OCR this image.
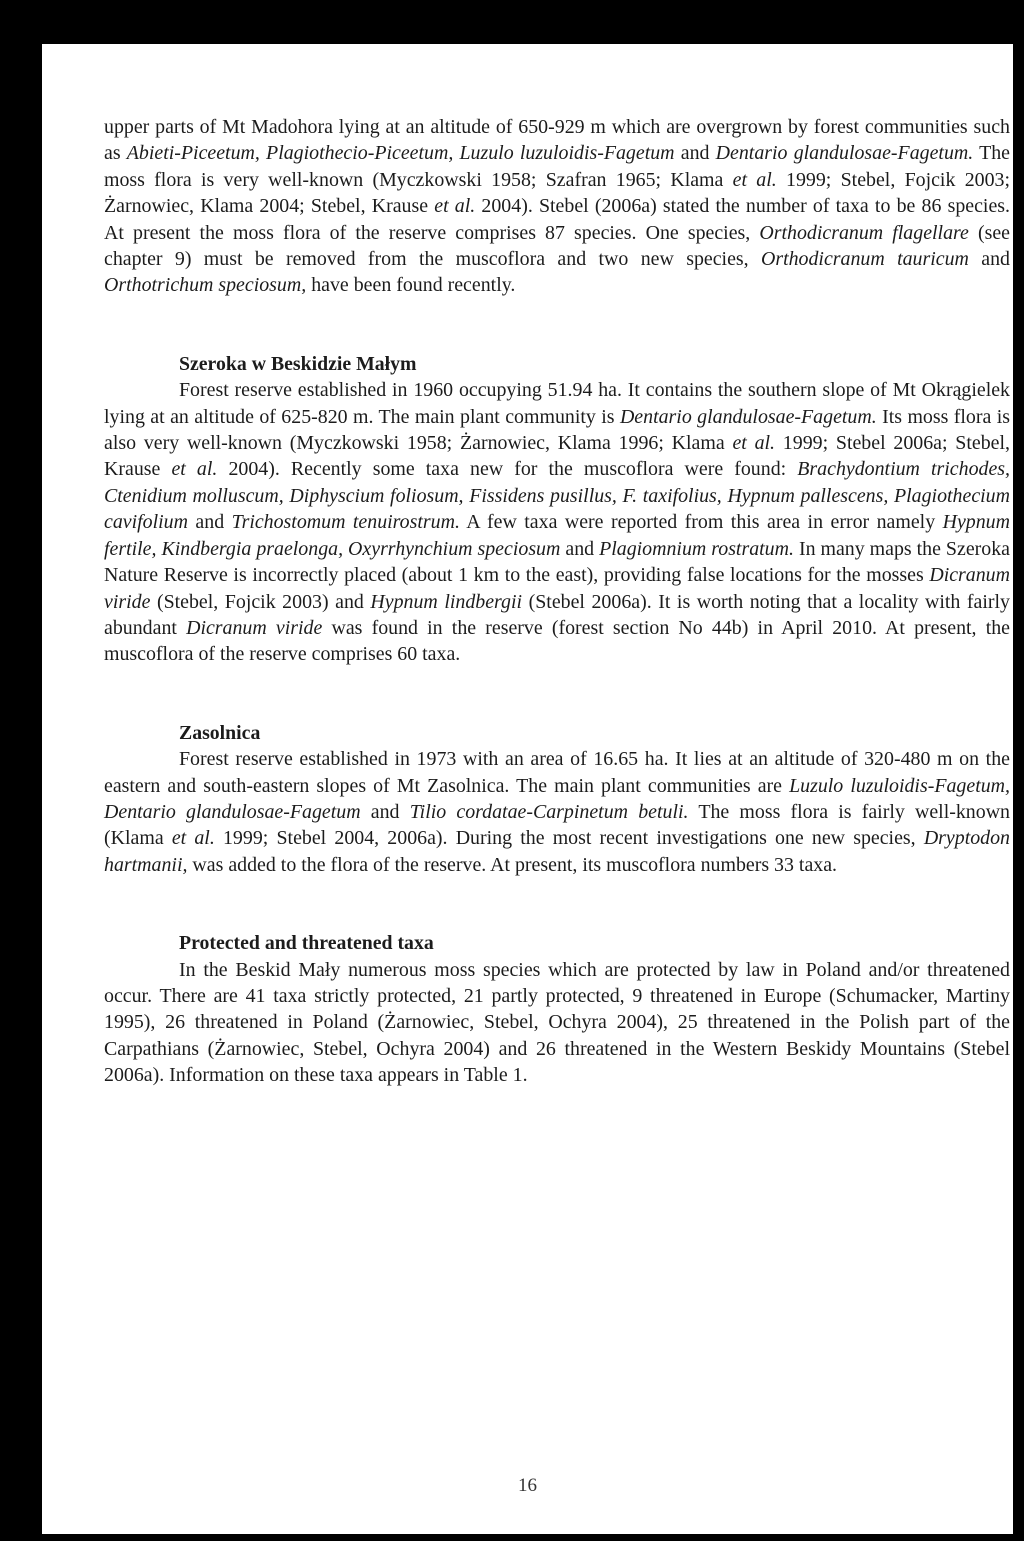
upper parts of Mt Madohora lying at an altitude of 650-929 m which are overgrown by forest communities such as Abieti-Piceetum, Plagiothecio-Piceetum, Luzulo luzuloidis-Fagetum and Dentario glandulosae-Fagetum. The moss flora is very well-known (Myczkowski 1958; Szafran 1965; Klama et al. 1999; Stebel, Fojcik 2003; Żarnowiec, Klama 2004; Stebel, Krause et al. 2004). Stebel (2006a) stated the number of taxa to be 86 species. At present the moss flora of the reserve comprises 87 species. One species, Orthodicranum flagellare (see chapter 9) must be removed from the muscoflora and two new species, Orthodicranum tauricum and Orthotrichum speciosum, have been found recently.

Szeroka w Beskidzie Małym

Forest reserve established in 1960 occupying 51.94 ha. It contains the southern slope of Mt Okrągielek lying at an altitude of 625-820 m. The main plant community is Dentario glandulosae-Fagetum. Its moss flora is also very well-known (Myczkowski 1958; Żarnowiec, Klama 1996; Klama et al. 1999; Stebel 2006a; Stebel, Krause et al. 2004). Recently some taxa new for the muscoflora were found: Brachydontium trichodes, Ctenidium molluscum, Diphyscium foliosum, Fissidens pusillus, F. taxifolius, Hypnum pallescens, Plagiothecium cavifolium and Trichostomum tenuirostrum. A few taxa were reported from this area in error namely Hypnum fertile, Kindbergia praelonga, Oxyrrhynchium speciosum and Plagiomnium rostratum. In many maps the Szeroka Nature Reserve is incorrectly placed (about 1 km to the east), providing false locations for the mosses Dicranum viride (Stebel, Fojcik 2003) and Hypnum lindbergii (Stebel 2006a). It is worth noting that a locality with fairly abundant Dicranum viride was found in the reserve (forest section No 44b) in April 2010. At present, the muscoflora of the reserve comprises 60 taxa.

Zasolnica

Forest reserve established in 1973 with an area of 16.65 ha. It lies at an altitude of 320-480 m on the eastern and south-eastern slopes of Mt Zasolnica. The main plant communities are Luzulo luzuloidis-Fagetum, Dentario glandulosae-Fagetum and Tilio cordatae-Carpinetum betuli. The moss flora is fairly well-known (Klama et al. 1999; Stebel 2004, 2006a). During the most recent investigations one new species, Dryptodon hartmanii, was added to the flora of the reserve. At present, its muscoflora numbers 33 taxa.

Protected and threatened taxa

In the Beskid Mały numerous moss species which are protected by law in Poland and/or threatened occur. There are 41 taxa strictly protected, 21 partly protected, 9 threatened in Europe (Schumacker, Martiny 1995), 26 threatened in Poland (Żarnowiec, Stebel, Ochyra 2004), 25 threatened in the Polish part of the Carpathians (Żarnowiec, Stebel, Ochyra 2004) and 26 threatened in the Western Beskidy Mountains (Stebel 2006a). Information on these taxa appears in Table 1.

16
